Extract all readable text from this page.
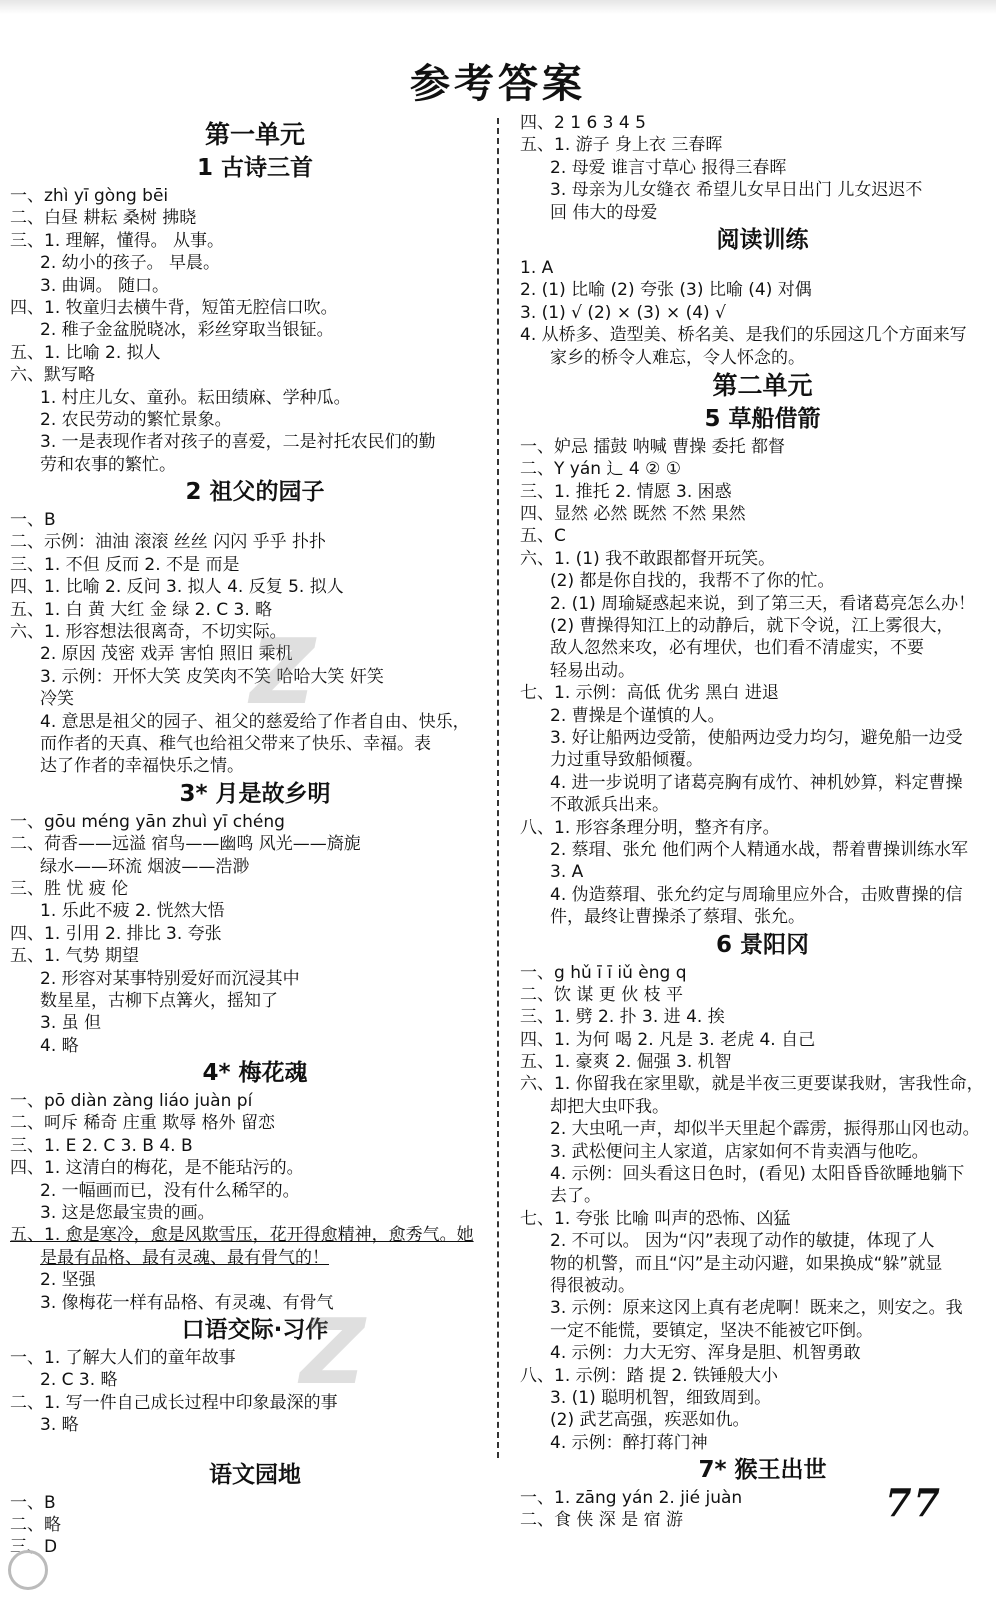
参考答案
第一单元
1 古诗三首
一、zhì yī gòng bēi
二、白昼 耕耘 桑树 拂晓
三、1. 理解，懂得。 从事。
2. 幼小的孩子。 早晨。
3. 曲调。 随口。
四、1. 牧童归去横牛背，短笛无腔信口吹。
2. 稚子金盆脱晓冰，彩丝穿取当银钲。
五、1. 比喻 2. 拟人
六、默写略
1. 村庄儿女、童孙。耘田绩麻、学种瓜。
2. 农民劳动的繁忙景象。
3. 一是表现作者对孩子的喜爱，二是衬托农民们的勤
劳和农事的繁忙。
2 祖父的园子
一、B
二、示例：油油 滚滚 丝丝 闪闪 乎乎 扑扑
三、1. 不但 反而 2. 不是 而是
四、1. 比喻 2. 反问 3. 拟人 4. 反复 5. 拟人
五、1. 白 黄 大红 金 绿 2. C 3. 略
六、1. 形容想法很离奇，不切实际。
2. 原因 茂密 戏弄 害怕 照旧 乘机
3. 示例：开怀大笑 皮笑肉不笑 哈哈大笑 奸笑
冷笑
4. 意思是祖父的园子、祖父的慈爱给了作者自由、快乐，
而作者的天真、稚气也给祖父带来了快乐、幸福。表
达了作者的幸福快乐之情。
3* 月是故乡明
一、gōu méng yān zhuì yī chéng
二、荷香——远溢 宿鸟——幽鸣 风光——旖旎
绿水——环流 烟波——浩渺
三、胜 忧 疲 伦
1. 乐此不疲 2. 恍然大悟
四、1. 引用 2. 排比 3. 夸张
五、1. 气势 期望
2. 形容对某事特别爱好而沉浸其中
数星星，古柳下点篝火，摇知了
3. 虽 但
4. 略
4* 梅花魂
一、pō diàn zàng liáo juàn pí
二、呵斥 稀奇 庄重 欺辱 格外 留恋
三、1. E 2. C 3. B 4. B
四、1. 这清白的梅花，是不能玷污的。
2. 一幅画而已，没有什么稀罕的。
3. 这是您最宝贵的画。
五、1. 愈是寒冷，愈是风欺雪压，花开得愈精神，愈秀气。她
是最有品格、最有灵魂、最有骨气的！
2. 坚强
3. 像梅花一样有品格、有灵魂、有骨气
口语交际·习作
一、1. 了解大人们的童年故事
2. C 3. 略
二、1. 写一件自己成长过程中印象最深的事
3. 略
语文园地
一、B
二、略
三、D
四、2 1 6 3 4 5
五、1. 游子 身上衣 三春晖
2. 母爱 谁言寸草心 报得三春晖
3. 母亲为儿女缝衣 希望儿女早日出门 儿女迟迟不
回 伟大的母爱
阅读训练
1. A
2. (1) 比喻 (2) 夸张 (3) 比喻 (4) 对偶
3. (1) √ (2) × (3) × (4) √
4. 从桥多、造型美、桥名美、是我们的乐园这几个方面来写
家乡的桥令人难忘，令人怀念的。
第二单元
5 草船借箭
一、妒忌 擂鼓 呐喊 曹操 委托 都督
二、Y yán 辶 4 ② ①
三、1. 推托 2. 情愿 3. 困惑
四、显然 必然 既然 不然 果然
五、C
六、1. (1) 我不敢跟都督开玩笑。
(2) 都是你自找的，我帮不了你的忙。
2. (1) 周瑜疑惑起来说，到了第三天，看诸葛亮怎么办！
(2) 曹操得知江上的动静后，就下令说，江上雾很大，
敌人忽然来攻，必有埋伏，也们看不清虚实，不要
轻易出动。
七、1. 示例：高低 优劣 黑白 进退
2. 曹操是个谨慎的人。
3. 好让船两边受箭，使船两边受力均匀，避免船一边受
力过重导致船倾覆。
4. 进一步说明了诸葛亮胸有成竹、神机妙算，料定曹操
不敢派兵出来。
八、1. 形容条理分明，整齐有序。
2. 蔡瑁、张允 他们两个人精通水战，帮着曹操训练水军
3. A
4. 伪造蔡瑁、张允约定与周瑜里应外合，击败曹操的信
件，最终让曹操杀了蔡瑁、张允。
6 景阳冈
一、g hǔ ī ī iǔ èng q
二、饮 谋 更 伙 枝 平
三、1. 劈 2. 扑 3. 进 4. 挨
四、1. 为何 喝 2. 凡是 3. 老虎 4. 自己
五、1. 豪爽 2. 倔强 3. 机智
六、1. 你留我在家里歇，就是半夜三更要谋我财，害我性命，
却把大虫吓我。
2. 大虫吼一声，却似半天里起个霹雳，振得那山冈也动。
3. 武松便问主人家道，店家如何不肯卖酒与他吃。
4. 示例：回头看这日色时，(看见) 太阳昏昏欲睡地躺下
去了。
七、1. 夸张 比喻 叫声的恐怖、凶猛
2. 不可以。 因为“闪”表现了动作的敏捷，体现了人
物的机警，而且“闪”是主动闪避，如果换成“躲”就显
得很被动。
3. 示例：原来这冈上真有老虎啊！既来之，则安之。我
一定不能慌，要镇定，坚决不能被它吓倒。
4. 示例：力大无穷、浑身是胆、机智勇敢
八、1. 示例：踏 提 2. 铁锤般大小
3. (1) 聪明机智，细致周到。
(2) 武艺高强，疾恶如仇。
4. 示例：醉打蒋门神
7* 猴王出世
一、1. zāng yán 2. jié juàn
二、食 侠 深 是 宿 游
Z
Z
77
